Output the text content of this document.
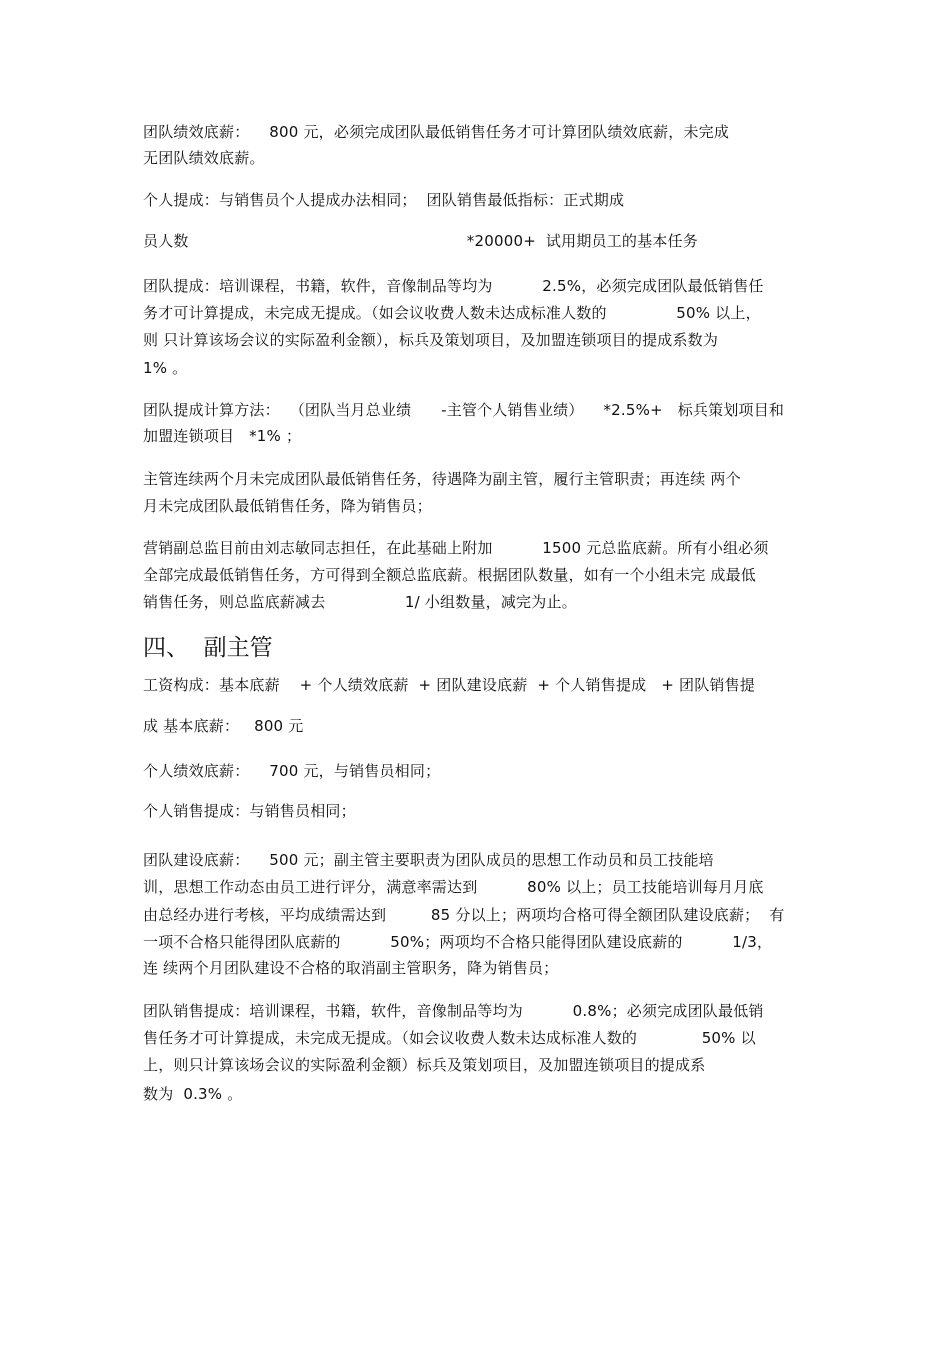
团队绩效底薪：    800 元，必须完成团队最低销售任务才可计算团队绩效底薪，未完成
无团队绩效底薪。
个人提成：与销售员个人提成办法相同；  团队销售最低指标：正式期成
员人数                                                        *20000+  试用期员工的基本任务
团队提成：培训课程，书籍，软件，音像制品等均为          2.5%，必须完成团队最低销售任
务才可计算提成，未完成无提成。（如会议收费人数未达成标准人数的              50% 以上，
则 只计算该场会议的实际盈利金额），标兵及策划项目，及加盟连锁项目的提成系数为
1% 。
团队提成计算方法：  （团队当月总业绩      -主管个人销售业绩）    *2.5%+   标兵策划项目和
加盟连锁项目   *1% ；
主管连续两个月未完成团队最低销售任务，待遇降为副主管，履行主管职责；再连续 两个
月未完成团队最低销售任务，降为销售员；
营销副总监目前由刘志敏同志担任，在此基础上附加          1500 元总监底薪。所有小组必须
全部完成最低销售任务，方可得到全额总监底薪。根据团队数量，如有一个小组未完 成最低
销售任务，则总监底薪减去                1/ 小组数量，减完为止。
四、  副主管
工资构成：基本底薪    + 个人绩效底薪  + 团队建设底薪  + 个人销售提成   + 团队销售提
成 基本底薪：   800 元
个人绩效底薪：    700 元，与销售员相同；
个人销售提成：与销售员相同；
团队建设底薪：    500 元；副主管主要职责为团队成员的思想工作动员和员工技能培
训，思想工作动态由员工进行评分，满意率需达到          80% 以上；员工技能培训每月月底
由总经办进行考核，平均成绩需达到         85 分以上；两项均合格可得全额团队建设底薪；  有
一项不合格只能得团队底薪的          50%；两项均不合格只能得团队建设底薪的          1/3，
连 续两个月团队建设不合格的取消副主管职务，降为销售员；
团队销售提成：培训课程，书籍，软件，音像制品等均为          0.8%；必须完成团队最低销
售任务才可计算提成，未完成无提成。（如会议收费人数未达成标准人数的             50% 以
上，则只计算该场会议的实际盈利金额）标兵及策划项目，及加盟连锁项目的提成系
数为  0.3% 。
